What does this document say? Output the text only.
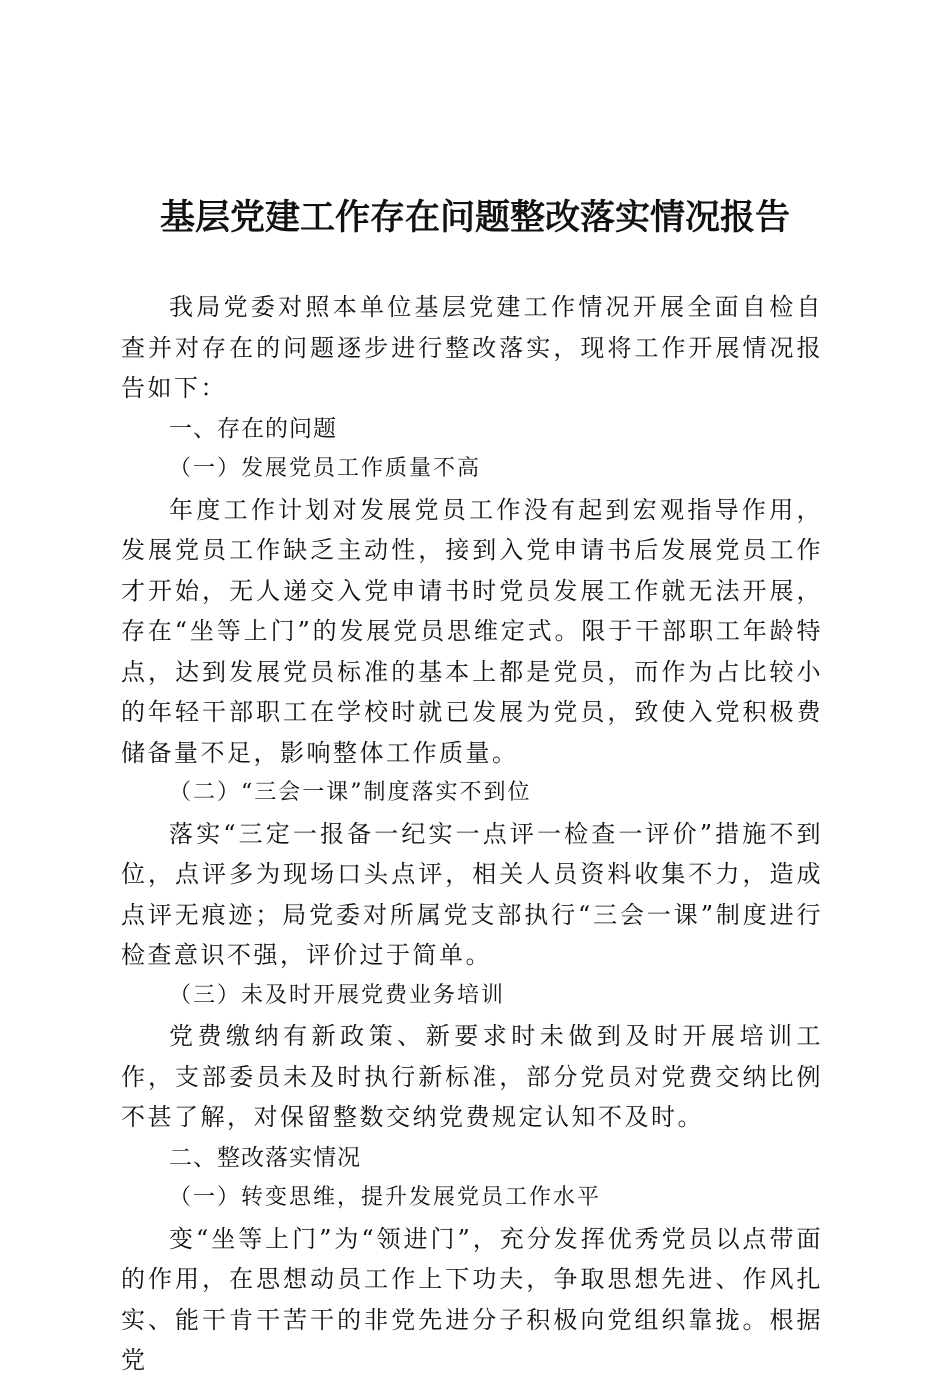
基层党建工作存在问题整改落实情况报告

我局党委对照本单位基层党建工作情况开展全面自检自查并对存在的问题逐步进行整改落实，现将工作开展情况报告如下：

一、存在的问题

（一）发展党员工作质量不高

年度工作计划对发展党员工作没有起到宏观指导作用，发展党员工作缺乏主动性，接到入党申请书后发展党员工作才开始，无人递交入党申请书时党员发展工作就无法开展，存在“坐等上门”的发展党员思维定式。限于干部职工年龄特点，达到发展党员标准的基本上都是党员，而作为占比较小的年轻干部职工在学校时就已发展为党员，致使入党积极费储备量不足，影响整体工作质量。

（二）“三会一课”制度落实不到位

落实“三定一报备一纪实一点评一检查一评价”措施不到位，点评多为现场口头点评，相关人员资料收集不力，造成点评无痕迹；局党委对所属党支部执行“三会一课”制度进行检查意识不强，评价过于简单。

（三）未及时开展党费业务培训

党费缴纳有新政策、新要求时未做到及时开展培训工作，支部委员未及时执行新标准，部分党员对党费交纳比例不甚了解，对保留整数交纳党费规定认知不及时。

二、整改落实情况

（一）转变思维，提升发展党员工作水平

变“坐等上门”为“领进门”，充分发挥优秀党员以点带面的作用，在思想动员工作上下功夫，争取思想先进、作风扎实、能干肯干苦干的非党先进分子积极向党组织靠拢。根据党
